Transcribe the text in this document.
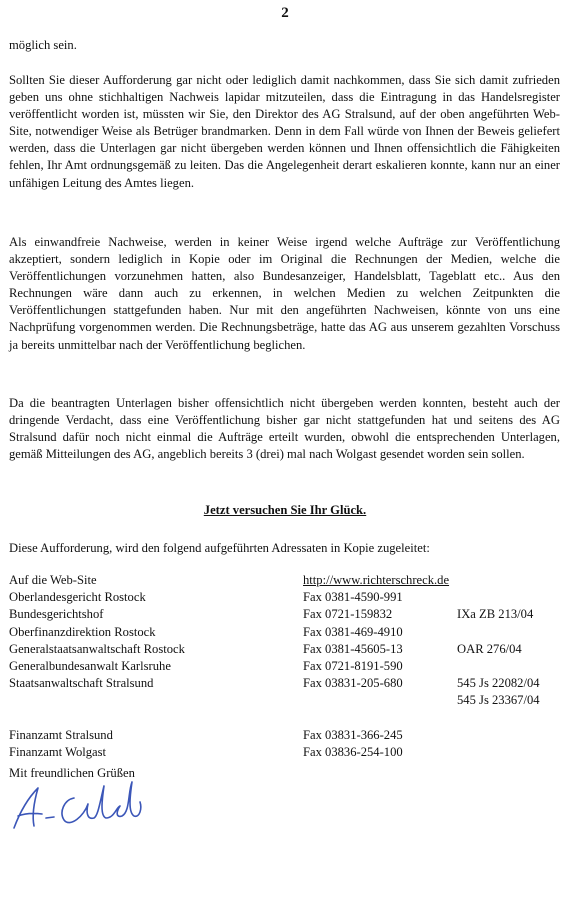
2

möglich sein.

Sollten Sie dieser Aufforderung gar nicht oder lediglich damit nachkommen, dass Sie sich damit zufrieden geben uns ohne stichhaltigen Nachweis lapidar mitzuteilen, dass die Eintragung in das Handelsregister veröffentlicht worden ist, müssten wir Sie, den Direktor des AG Stralsund, auf der oben angeführten Web-Site, notwendiger Weise als Betrüger brandmarken. Denn in dem Fall würde von Ihnen der Beweis geliefert werden, dass die Unterlagen gar nicht übergeben werden können und Ihnen offensichtlich die Fähigkeiten fehlen, Ihr Amt ordnungsgemäß zu leiten. Das die Angelegenheit derart eskalieren konnte, kann nur an einer unfähigen Leitung des Amtes liegen.

Als einwandfreie Nachweise, werden in keiner Weise irgend welche Aufträge zur Veröffentlichung akzeptiert, sondern lediglich in Kopie oder im Original die Rechnungen der Medien, welche die Veröffentlichungen vorzunehmen hatten, also Bundesanzeiger, Handelsblatt, Tageblatt etc.. Aus den Rechnungen wäre dann auch zu erkennen, in welchen Medien zu welchen Zeitpunkten die Veröffentlichungen stattgefunden haben. Nur mit den angeführten Nachweisen, könnte von uns eine Nachprüfung vorgenommen werden. Die Rechnungsbeträge, hatte das AG aus unserem gezahlten Vorschuss ja bereits unmittelbar nach der Veröffentlichung beglichen.

Da die beantragten Unterlagen bisher offensichtlich nicht übergeben werden konnten, besteht auch der dringende Verdacht, dass eine Veröffentlichung bisher gar nicht stattgefunden hat und seitens des AG Stralsund dafür noch nicht einmal die Aufträge erteilt wurden, obwohl die entsprechenden Unterlagen, gemäß Mitteilungen des AG, angeblich bereits 3 (drei) mal nach Wolgast gesendet worden sein sollen.

Jetzt versuchen Sie Ihr Glück.

Diese Aufforderung, wird den folgend aufgeführten Adressaten in Kopie zugeleitet:

Auf die Web-Site	http://www.richterschreck.de
Oberlandesgericht Rostock	Fax 0381-4590-991
Bundesgerichtshof	Fax 0721-159832	IXa ZB 213/04
Oberfinanzdirektion Rostock	Fax 0381-469-4910
Generalstaatsanwaltschaft Rostock	Fax 0381-45605-13	OAR 276/04
Generalbundesanwalt Karlsruhe	Fax 0721-8191-590
Staatsanwaltschaft Stralsund	Fax 03831-205-680	545 Js 22082/04
545 Js 23367/04
Finanzamt Stralsund	Fax 03831-366-245
Finanzamt Wolgast	Fax 03836-254-100
Mit freundlichen Grüßen
